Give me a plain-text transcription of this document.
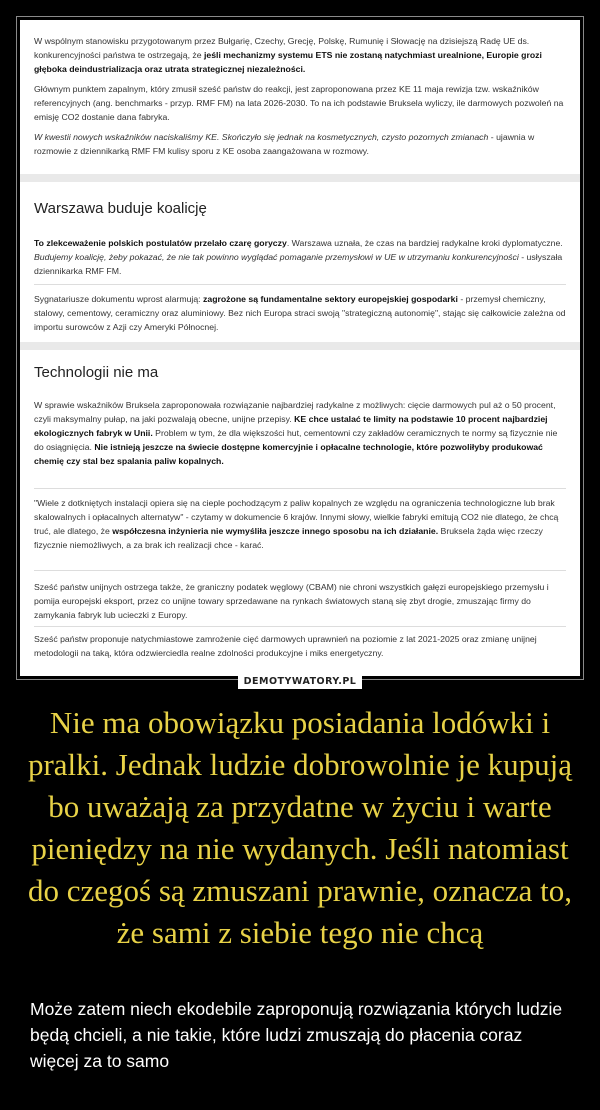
W wspólnym stanowisku przygotowanym przez Bułgarię, Czechy, Grecję, Polskę, Rumunię i Słowację na dzisiejszą Radę UE ds. konkurencyjności państwa te ostrzegają, że jeśli mechanizmy systemu ETS nie zostaną natychmiast urealnione, Europie grozi głęboka deindustrializacja oraz utrata strategicznej niezależności.

Głównym punktem zapalnym, który zmusił sześć państw do reakcji, jest zaproponowana przez KE 11 maja rewizja tzw. wskaźników referencyjnych (ang. benchmarks - przyp. RMF FM) na lata 2026-2030. To na ich podstawie Bruksela wyliczy, ile darmowych pozwoleń na emisję CO2 dostanie dana fabryka.

W kwestii nowych wskaźników naciskaliśmy KE. Skończyło się jednak na kosmetycznych, czysto pozornych zmianach - ujawnia w rozmowie z dziennikarką RMF FM kulisy sporu z KE osoba zaangażowana w rozmowy.

Warszawa buduje koalicję

To zlekceważenie polskich postulatów przelało czarę goryczy. Warszawa uznała, że czas na bardziej radykalne kroki dyplomatyczne. Budujemy koalicję, żeby pokazać, że nie tak powinno wyglądać pomaganie przemysłowi w UE w utrzymaniu konkurencyjności - usłyszała dziennikarka RMF FM.

Sygnatariusze dokumentu wprost alarmują: zagrożone są fundamentalne sektory europejskiej gospodarki - przemysł chemiczny, stalowy, cementowy, ceramiczny oraz aluminiowy. Bez nich Europa straci swoją "strategiczną autonomię", stając się całkowicie zależna od importu surowców z Azji czy Ameryki Północnej.

Technologii nie ma

W sprawie wskaźników Bruksela zaproponowała rozwiązanie najbardziej radykalne z możliwych: cięcie darmowych pul aż o 50 procent, czyli maksymalny pułap, na jaki pozwalają obecne, unijne przepisy. KE chce ustalać te limity na podstawie 10 procent najbardziej ekologicznych fabryk w Unii. Problem w tym, że dla większości hut, cementowni czy zakładów ceramicznych te normy są fizycznie nie do osiągnięcia. Nie istnieją jeszcze na świecie dostępne komercyjnie i opłacalne technologie, które pozwoliłyby produkować chemię czy stal bez spalania paliw kopalnych.

"Wiele z dotkniętych instalacji opiera się na cieple pochodzącym z paliw kopalnych ze względu na ograniczenia technologiczne lub brak skalowalnych i opłacalnych alternatyw" - czytamy w dokumencie 6 krajów. Innymi słowy, wielkie fabryki emitują CO2 nie dlatego, że chcą truć, ale dlatego, że współczesna inżynieria nie wymyśliła jeszcze innego sposobu na ich działanie. Bruksela żąda więc rzeczy fizycznie niemożliwych, a za brak ich realizacji chce - karać.

Sześć państw unijnych ostrzega także, że graniczny podatek węglowy (CBAM) nie chroni wszystkich gałęzi europejskiego przemysłu i pomija europejski eksport, przez co unijne towary sprzedawane na rynkach światowych staną się zbyt drogie, zmuszając firmy do zamykania fabryk lub ucieczki z Europy.

Sześć państw proponuje natychmiastowe zamrożenie cięć darmowych uprawnień na poziomie z lat 2021-2025 oraz zmianę unijnej metodologii na taką, która odzwierciedla realne zdolności produkcyjne i miks energetyczny.

DEMOTYWATORY.PL
Nie ma obowiązku posiadania lodówki i pralki. Jednak ludzie dobrowolnie je kupują bo uważają za przydatne w życiu i warte pieniędzy na nie wydanych. Jeśli natomiast do czegoś są zmuszani prawnie, oznacza to, że sami z siebie tego nie chcą

Może zatem niech ekodebile zaproponują rozwiązania których ludzie będą chcieli, a nie takie, które ludzi zmuszają do płacenia coraz więcej za to samo
